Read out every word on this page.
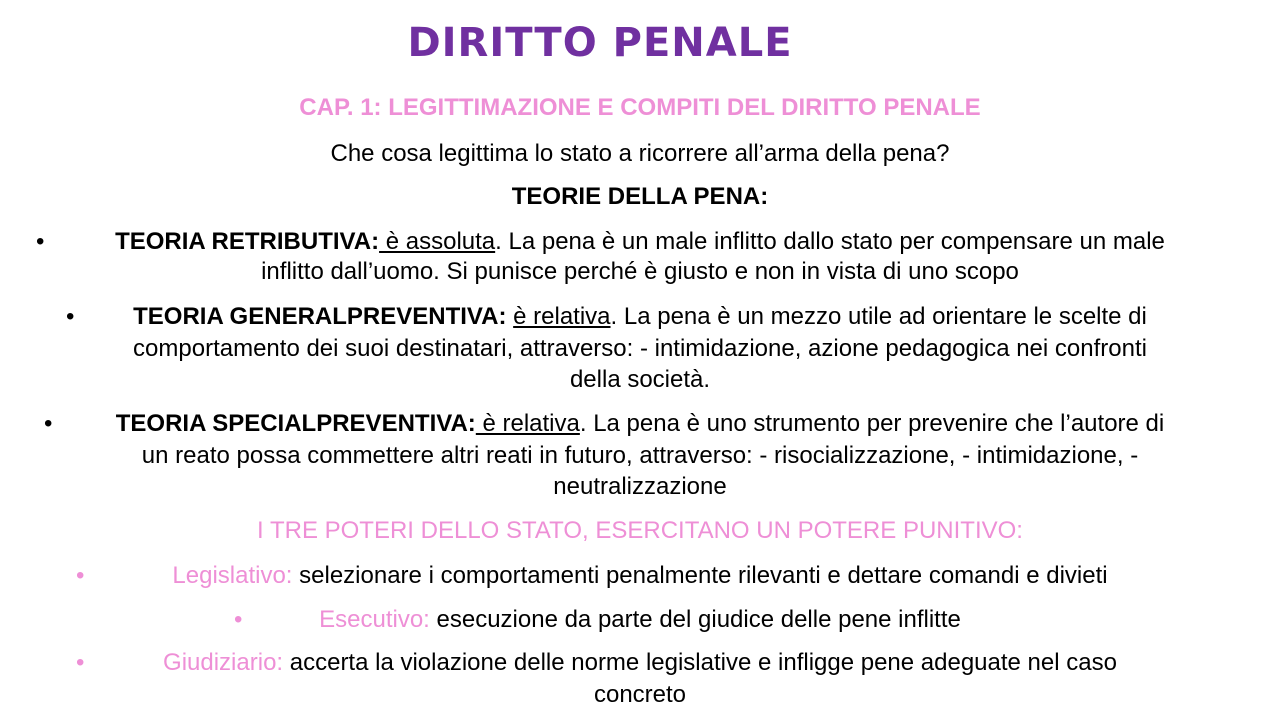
DIRITTO PENALE
CAP. 1: LEGITTIMAZIONE E COMPITI DEL DIRITTO PENALE
Che cosa legittima lo stato a ricorrere all’arma della pena?
TEORIE DELLA PENA:
•	TEORIA RETRIBUTIVA: è assoluta. La pena è un male inflitto dallo stato per compensare un male
inflitto dall’uomo. Si punisce perché è giusto e non in vista di uno scopo
•	TEORIA GENERALPREVENTIVA: è relativa. La pena è un mezzo utile ad orientare le scelte di
comportamento dei suoi destinatari, attraverso: - intimidazione, azione pedagogica nei confronti
della società.
•	TEORIA SPECIALPREVENTIVA: è relativa. La pena è uno strumento per prevenire che l’autore di
un reato possa commettere altri reati in futuro, attraverso: - risocializzazione, - intimidazione, -
neutralizzazione
I TRE POTERI DELLO STATO, ESERCITANO UN POTERE PUNITIVO:
•	Legislativo: selezionare i comportamenti penalmente rilevanti e dettare comandi e divieti
•	Esecutivo: esecuzione da parte del giudice delle pene inflitte
•	Giudiziario: accerta la violazione delle norme legislative e infligge pene adeguate nel caso
concreto
